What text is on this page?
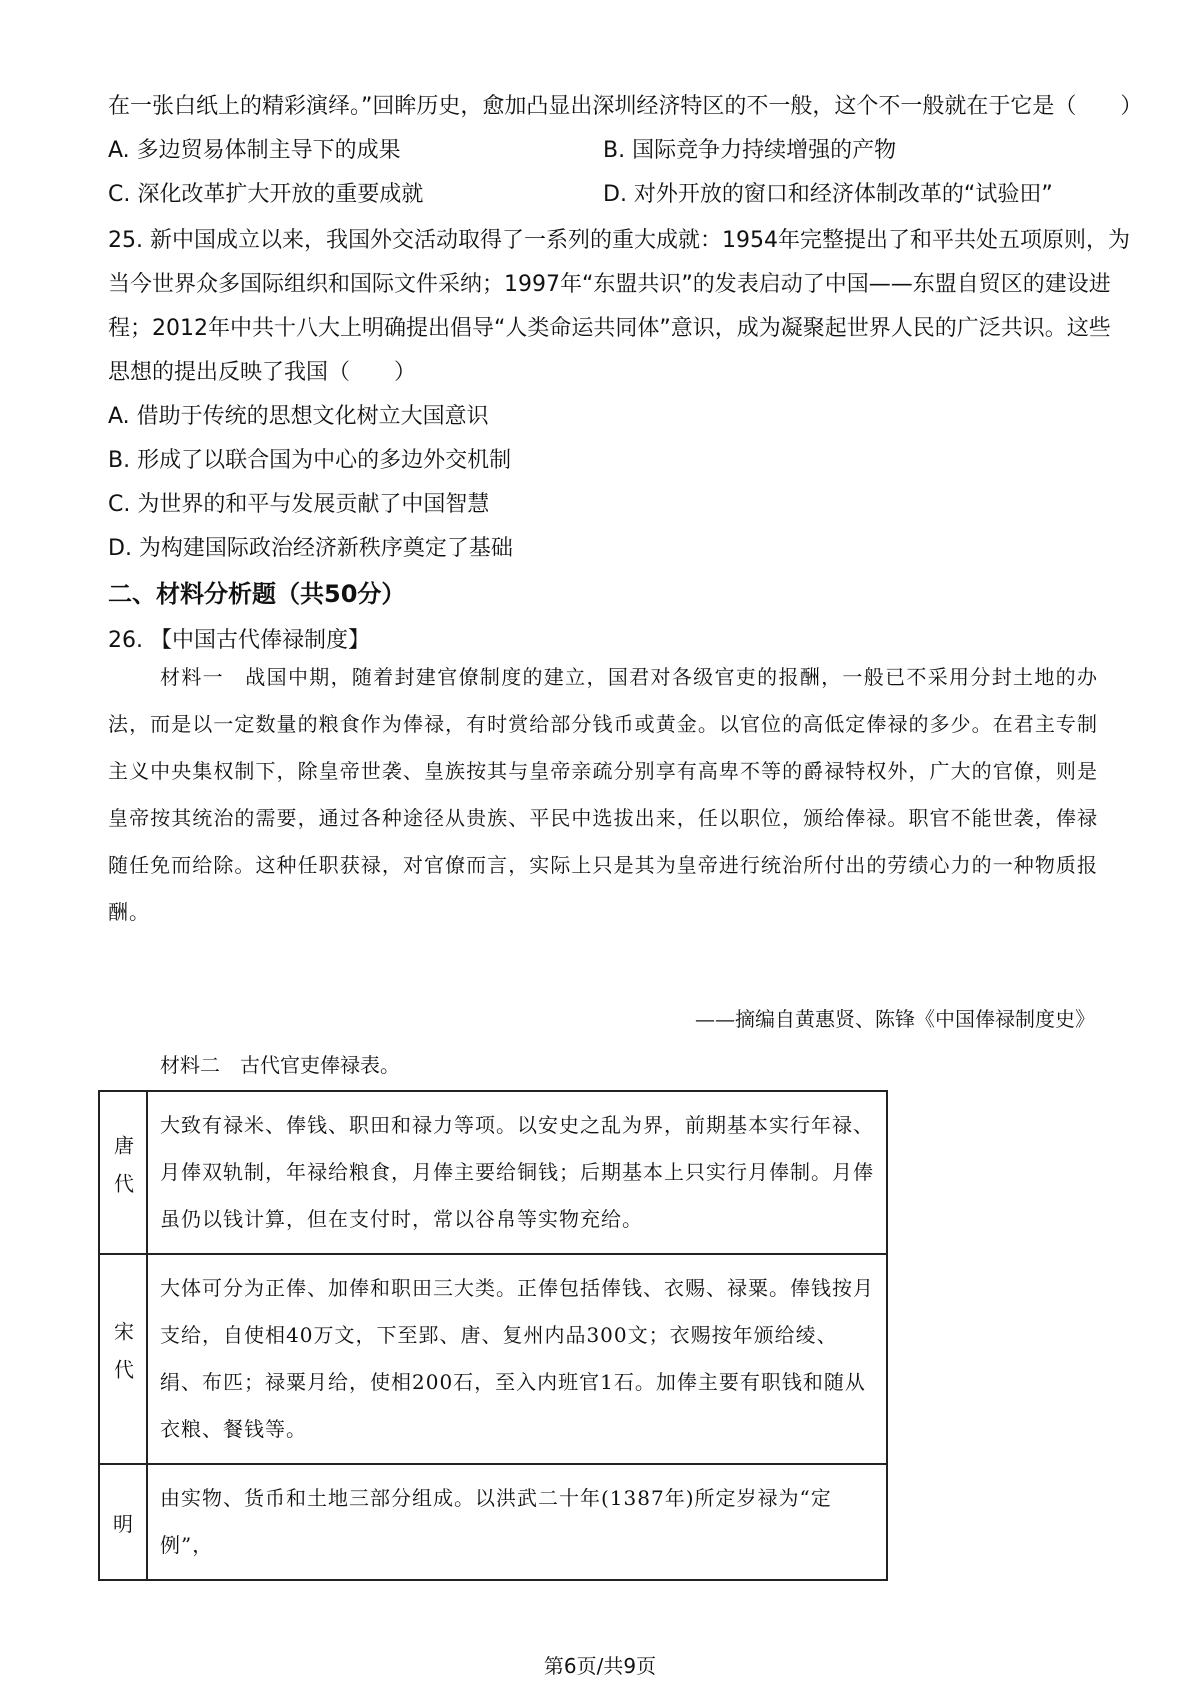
在一张白纸上的精彩演绎。”回眸历史，愈加凸显出深圳经济特区的不一般，这个不一般就在于它是（　　）
A. 多边贸易体制主导下的成果	B. 国际竞争力持续增强的产物
C. 深化改革扩大开放的重要成就	D. 对外开放的窗口和经济体制改革的“试验田”
25. 新中国成立以来，我国外交活动取得了一系列的重大成就：1954年完整提出了和平共处五项原则，为
当今世界众多国际组织和国际文件采纳；1997年“东盟共识”的发表启动了中国——东盟自贸区的建设进
程；2012年中共十八大上明确提出倡导“人类命运共同体”意识，成为凝聚起世界人民的广泛共识。这些
思想的提出反映了我国（　　）
A. 借助于传统的思想文化树立大国意识
B. 形成了以联合国为中心的多边外交机制
C. 为世界的和平与发展贡献了中国智慧
D. 为构建国际政治经济新秩序奠定了基础
二、材料分析题（共50分）
26. 【中国古代俸禄制度】

材料一　战国中期，随着封建官僚制度的建立，国君对各级官吏的报酬，一般已不采用分封土地的办法，而是以一定数量的粮食作为俸禄，有时赏给部分钱币或黄金。以官位的高低定俸禄的多少。在君主专制主义中央集权制下，除皇帝世袭、皇族按其与皇帝亲疏分别享有高卑不等的爵禄特权外，广大的官僚，则是皇帝按其统治的需要，通过各种途径从贵族、平民中选拔出来，任以职位，颁给俸禄。职官不能世袭，俸禄随任免而给除。这种任职获禄，对官僚而言，实际上只是其为皇帝进行统治所付出的劳绩心力的一种物质报酬。

——摘编自黄惠贤、陈锋《中国俸禄制度史》
材料二　古代官吏俸禄表。
唐代	大致有禄米、俸钱、职田和禄力等项。以安史之乱为界，前期基本实行年禄、月俸双轨制，年禄给粮食，月俸主要给铜钱；后期基本上只实行月俸制。月俸虽仍以钱计算，但在支付时，常以谷帛等实物充给。
宋代	大体可分为正俸、加俸和职田三大类。正俸包括俸钱、衣赐、禄粟。俸钱按月支给，自使相40万文，下至郢、唐、复州内品300文；衣赐按年颁给绫、绢、布匹；禄粟月给，使相200石，至入内班官1石。加俸主要有职钱和随从衣粮、餐钱等。
明	由实物、货币和土地三部分组成。以洪武二十年(1387年)所定岁禄为“定例”，
第6页/共9页
